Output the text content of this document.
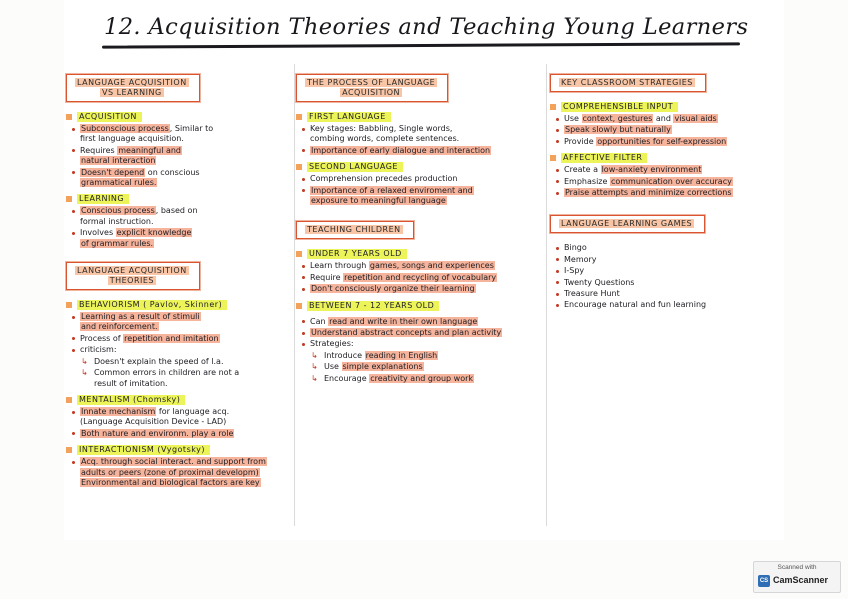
12. Acquisition Theories and Teaching Young Learners
LANGUAGE ACQUISITION
VS LEARNING
ACQUISITION
Subconscious process, Similar to
first language acquisition.
Requires meaningful and
natural interaction
Doesn't depend on conscious
grammatical rules.
LEARNING
Conscious process, based on
formal instruction.
Involves explicit knowledge
of grammar rules.
LANGUAGE ACQUISITION
THEORIES
BEHAVIORISM ( Pavlov, Skinner)
Learning as a result of stimuli
and reinforcement.
Process of repetition and imitation
criticism:
↳ Doesn't explain the speed of l.a.
↳ Common errors in children are not a
result of imitation.
MENTALISM (Chomsky)
Innate mechanism for language acq.
(Language Acquisition Device - LAD)
Both nature and environm. play a role
INTERACTIONISM (Vygotsky)
Acq. through social interact. and support from
adults or peers (zone of proximal developm)
Environmental and biological factors are key
THE PROCESS OF LANGUAGE
ACQUISITION
FIRST LANGUAGE
Key stages: Babbling, Single words,
combing words, complete sentences.
Importance of early dialogue and interaction
SECOND LANGUAGE
Comprehension precedes production
Importance of a relaxed enviroment and
exposure to meaningful language
TEACHING CHILDREN
UNDER 7 YEARS OLD
Learn through games, songs and experiences
Require repetition and recycling of vocabulary
Don't consciously organize their learning
BETWEEN 7 - 12 YEARS OLD
Can read and write in their own language
Understand abstract concepts and plan activity
Strategies:
↳ Introduce reading in English
↳ Use simple explanations
↳ Encourage creativity and group work
KEY CLASSROOM STRATEGIES
COMPREHENSIBLE INPUT
Use context, gestures and visual aids
Speak slowly but naturally
Provide opportunities for self-expression
AFFECTIVE FILTER
Create a low-anxiety environment
Emphasize communication over accuracy
Praise attempts and minimize corrections
LANGUAGE LEARNING GAMES
Bingo
Memory
I-Spy
Twenty Questions
Treasure Hunt
Encourage natural and fun learning
Scanned with
CS CamScanner
